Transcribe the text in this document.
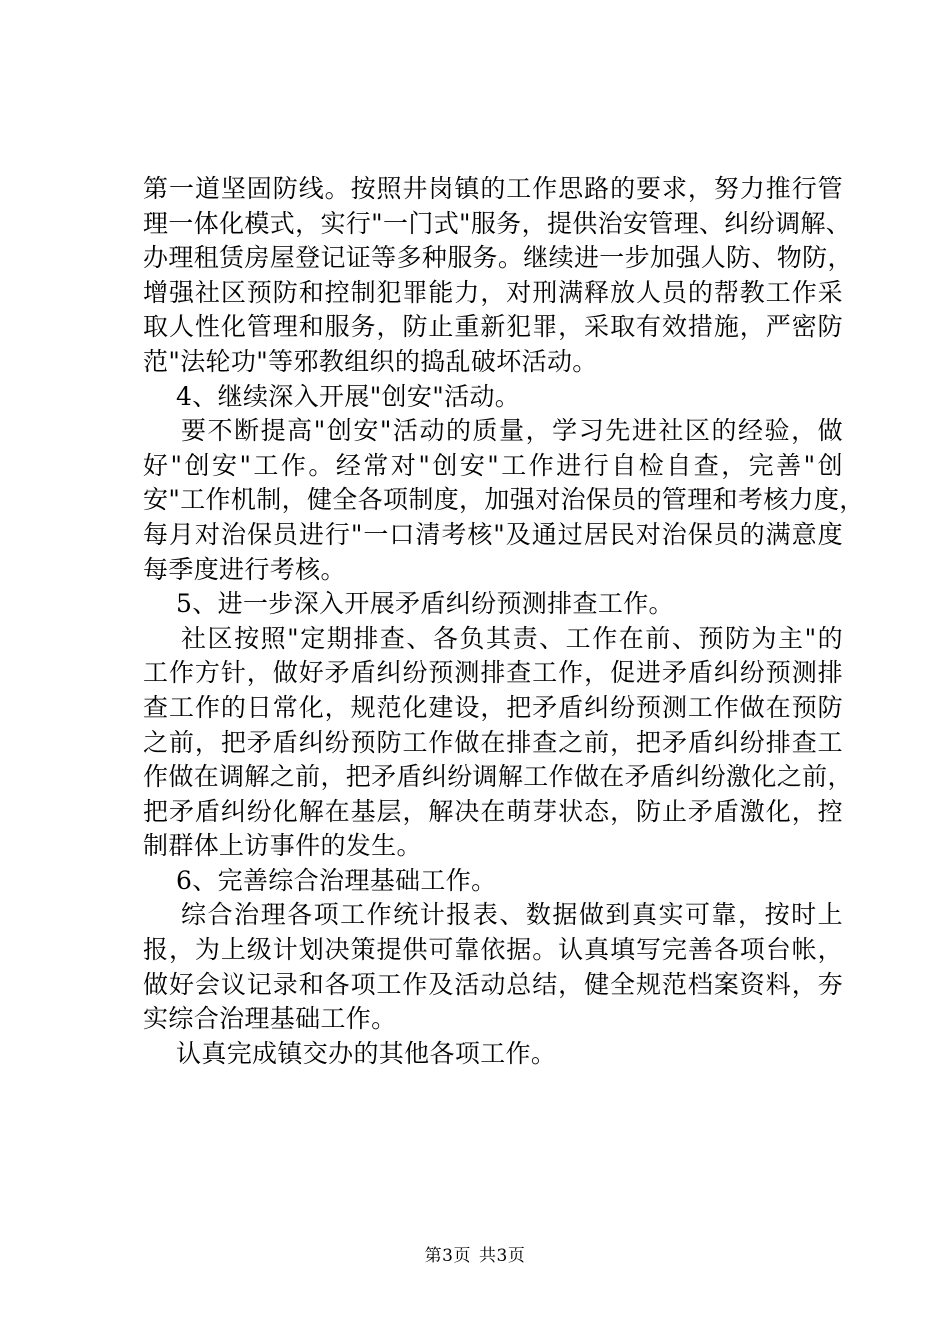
第一道坚固防线。按照井岗镇的工作思路的要求，努力推行管
理一体化模式，实行"一门式"服务，提供治安管理、纠纷调解、
办理租赁房屋登记证等多种服务。继续进一步加强人防、物防，
增强社区预防和控制犯罪能力，对刑满释放人员的帮教工作采
取人性化管理和服务，防止重新犯罪，采取有效措施，严密防
范"法轮功"等邪教组织的捣乱破坏活动。
4、继续深入开展"创安"活动。
要不断提高"创安"活动的质量，学习先进社区的经验，做
好"创安"工作。经常对"创安"工作进行自检自查，完善"创
安"工作机制，健全各项制度，加强对治保员的管理和考核力度，
每月对治保员进行"一口清考核"及通过居民对治保员的满意度
每季度进行考核。
5、进一步深入开展矛盾纠纷预测排查工作。
社区按照"定期排查、各负其责、工作在前、预防为主"的
工作方针，做好矛盾纠纷预测排查工作，促进矛盾纠纷预测排
查工作的日常化，规范化建设，把矛盾纠纷预测工作做在预防
之前，把矛盾纠纷预防工作做在排查之前，把矛盾纠纷排查工
作做在调解之前，把矛盾纠纷调解工作做在矛盾纠纷激化之前，
把矛盾纠纷化解在基层，解决在萌芽状态，防止矛盾激化，控
制群体上访事件的发生。
6、完善综合治理基础工作。
综合治理各项工作统计报表、数据做到真实可靠，按时上
报，为上级计划决策提供可靠依据。认真填写完善各项台帐，
做好会议记录和各项工作及活动总结，健全规范档案资料，夯
实综合治理基础工作。
认真完成镇交办的其他各项工作。
第3页 共3页
